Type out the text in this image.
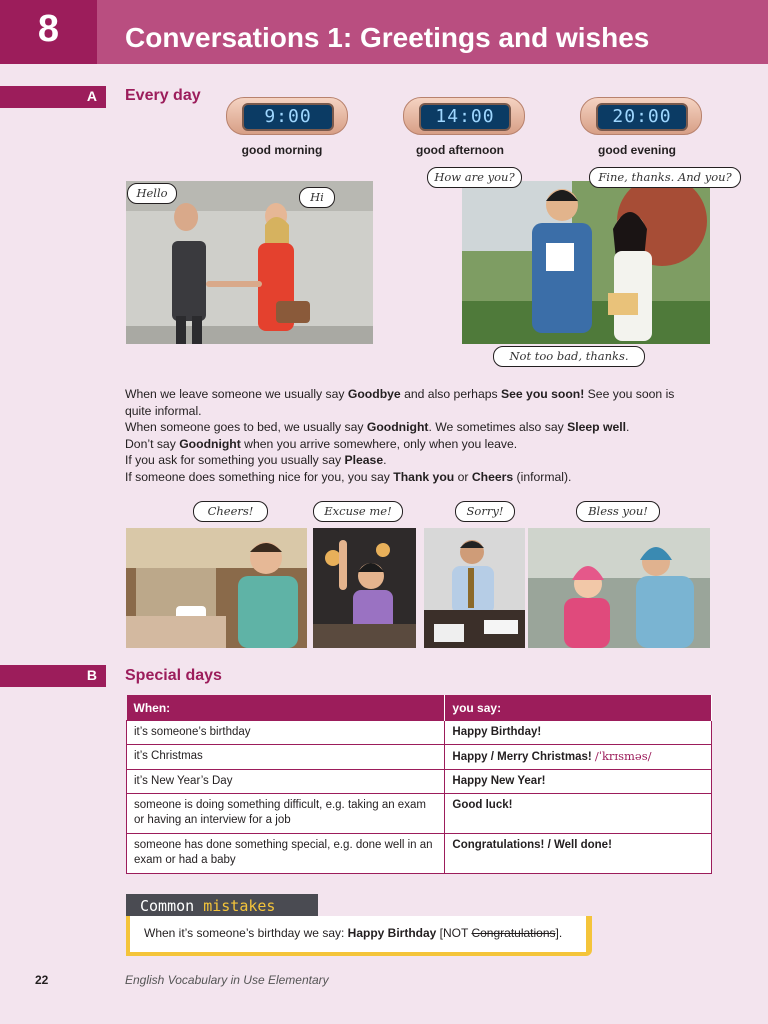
8	Conversations 1: Greetings and wishes
A Every day
9:00	14:00	20:00
good morning	good afternoon	good evening
Hello	Hi
How are you?	Fine, thanks. And you?
Not too bad, thanks.
When we leave someone we usually say Goodbye and also perhaps See you soon! See you soon is
quite informal.
When someone goes to bed, we usually say Goodnight. We sometimes also say Sleep well.
Don’t say Goodnight when you arrive somewhere, only when you leave.
If you ask for something you usually say Please.
If someone does something nice for you, you say Thank you or Cheers (informal).
Cheers!	Excuse me!	Sorry!	Bless you!
B Special days
When:	you say:
it’s someone’s birthday	Happy Birthday!
it’s Christmas	Happy / Merry Christmas! /ˈkrɪsməs/
it’s New Year’s Day	Happy New Year!
someone is doing something difficult, e.g. taking an exam or having an interview for a job	Good luck!
someone has done something special, e.g. done well in an exam or had a baby	Congratulations! / Well done!
Common mistakes
When it’s someone’s birthday we say: Happy Birthday [NOT Congratulations].
22	English Vocabulary in Use Elementary
